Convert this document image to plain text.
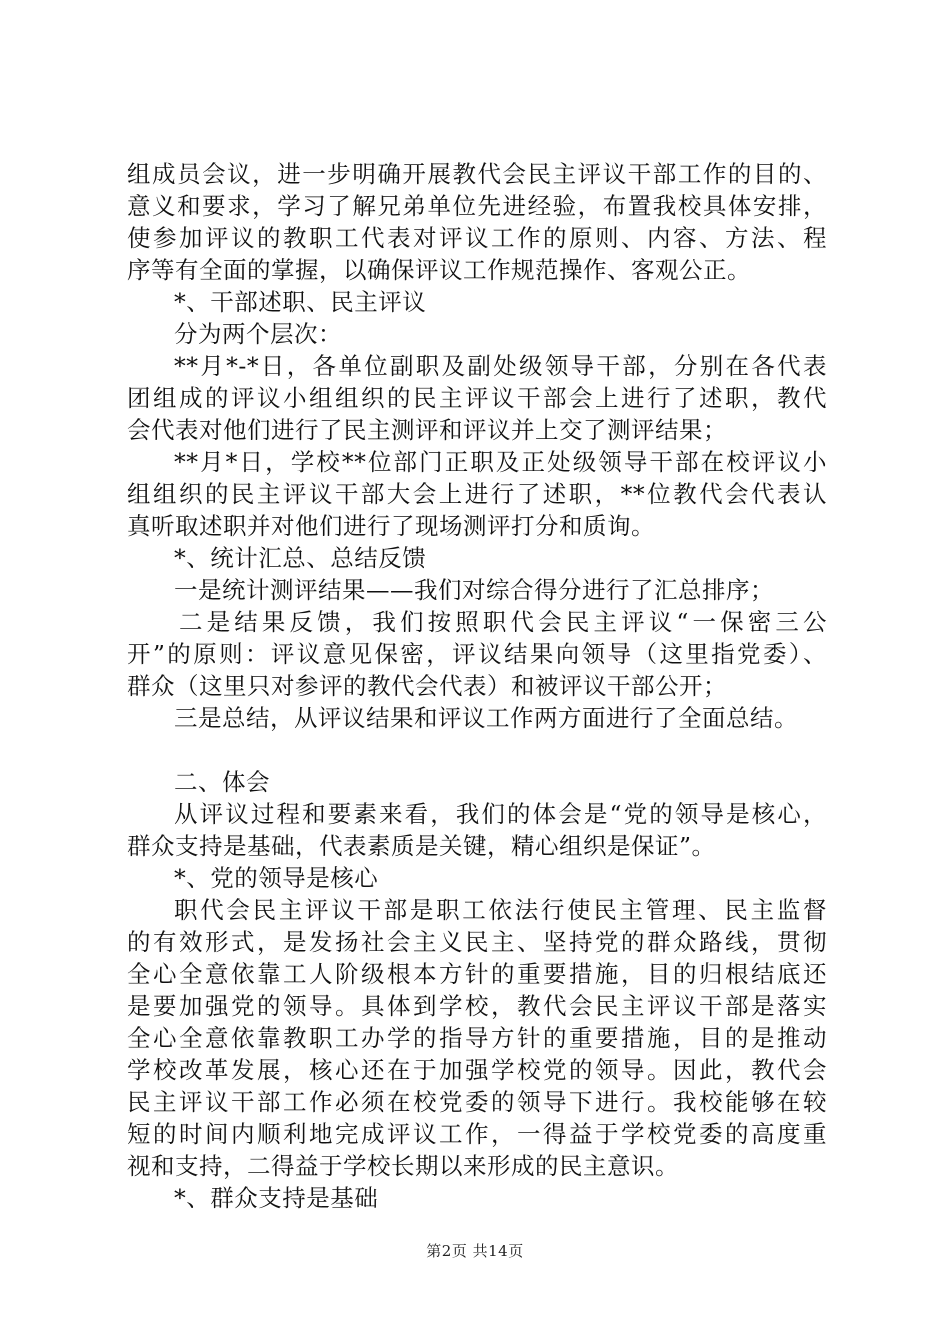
组成员会议，进一步明确开展教代会民主评议干部工作的目的、
意义和要求，学习了解兄弟单位先进经验，布置我校具体安排，
使参加评议的教职工代表对评议工作的原则、内容、方法、程
序等有全面的掌握，以确保评议工作规范操作、客观公正。
*、干部述职、民主评议
分为两个层次：
**月*-*日，各单位副职及副处级领导干部，分别在各代表
团组成的评议小组组织的民主评议干部会上进行了述职，教代
会代表对他们进行了民主测评和评议并上交了测评结果；
**月*日，学校**位部门正职及正处级领导干部在校评议小
组组织的民主评议干部大会上进行了述职，**位教代会代表认
真听取述职并对他们进行了现场测评打分和质询。
*、统计汇总、总结反馈
一是统计测评结果——我们对综合得分进行了汇总排序；
二是结果反馈，我们按照职代会民主评议“一保密三公
开”的原则：评议意见保密，评议结果向领导（这里指党委）、
群众（这里只对参评的教代会代表）和被评议干部公开；
三是总结，从评议结果和评议工作两方面进行了全面总结。
二、体会
从评议过程和要素来看，我们的体会是“党的领导是核心，
群众支持是基础，代表素质是关键，精心组织是保证”。
*、党的领导是核心
职代会民主评议干部是职工依法行使民主管理、民主监督
的有效形式，是发扬社会主义民主、坚持党的群众路线，贯彻
全心全意依靠工人阶级根本方针的重要措施，目的归根结底还
是要加强党的领导。具体到学校，教代会民主评议干部是落实
全心全意依靠教职工办学的指导方针的重要措施，目的是推动
学校改革发展，核心还在于加强学校党的领导。因此，教代会
民主评议干部工作必须在校党委的领导下进行。我校能够在较
短的时间内顺利地完成评议工作，一得益于学校党委的高度重
视和支持，二得益于学校长期以来形成的民主意识。
*、群众支持是基础
第2页 共14页
